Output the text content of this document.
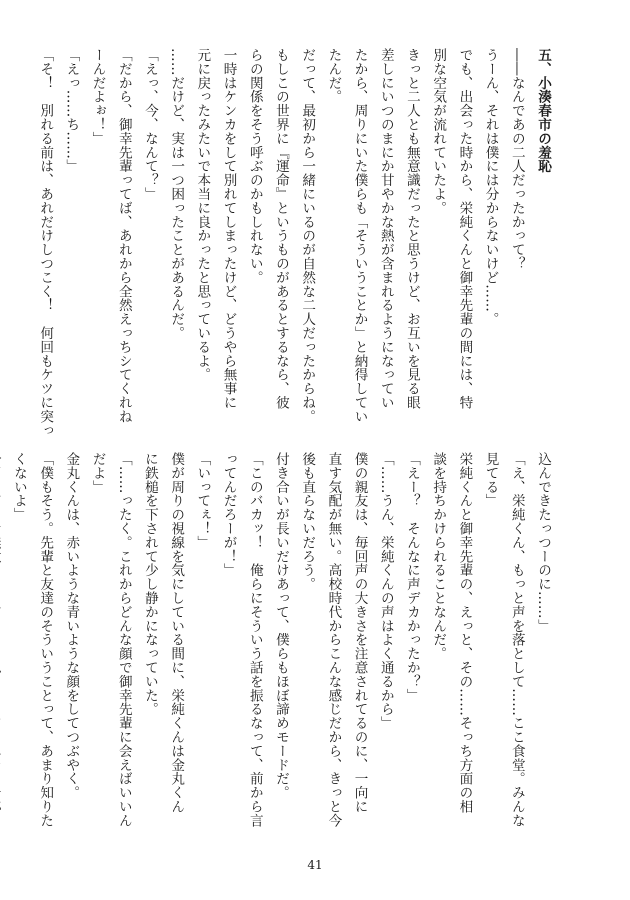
五、小湊春市の羞恥
――なんであの二人だったかって？
うーん、それは僕には分からないけど……。
でも、出会った時から、栄純くんと御幸先輩の間には、特
別な空気が流れていたよ。
きっと二人とも無意識だったと思うけど、お互いを見る眼
差しにいつのまにか甘やかな熱が含まれるようになってい
たから、周りにいた僕らも「そういうことか」と納得してい
たんだ。
だって、最初から一緒にいるのが自然な二人だったからね。
もしこの世界に『運命』というものがあるとするなら、彼
らの関係をそう呼ぶのかもしれない。
一時はケンカをして別れてしまったけど、どうやら無事に
元に戻ったみたいで本当に良かったと思っているよ。
……だけど、実は一つ困ったことがあるんだ。
「えっ、今、なんて？」
「だから、御幸先輩ってば、あれから全然えっちシてくれね
ーんだよぉ！」
「えっ……ち……」
「そ！　別れる前は、あれだけしつこく！　何回もケツに突っ
込んできたっつーのに……」
「え、栄純くん、もっと声を落として……ここ食堂。みんな
見てる」
栄純くんと御幸先輩の、えっと、その……そっち方面の相
談を持ちかけられることなんだ。
「えー？　そんなに声デカかったか？」
「……うん、栄純くんの声はよく通るから」
僕の親友は、毎回声の大きさを注意されてるのに、一向に
直す気配が無い。高校時代からこんな感じだから、きっと今
後も直らないだろう。
付き合いが長いだけあって、僕らもほぼ諦めモードだ。
「このバカッ！　俺らにそういう話を振るなって、前から言
ってんだろーが！」
「いってぇ！」
僕が周りの視線を気にしている間に、栄純くんは金丸くん
に鉄槌を下されて少し静かになっていた。
「……ったく。これからどんな顔で御幸先輩に会えばいいん
だよ」
金丸くんは、赤いような青いような顔をしてつぶやく。
「僕もそう。先輩と友達のそういうことって、あまり知りた
くないよ」
41
